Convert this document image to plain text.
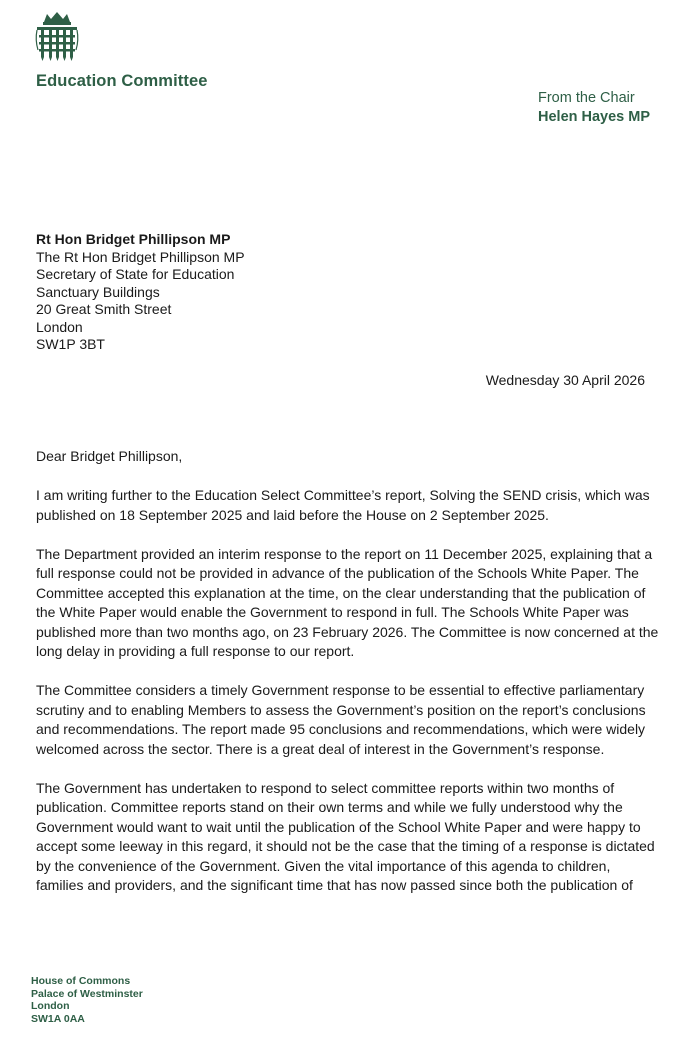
Education Committee
From the Chair
Helen Hayes MP
Rt Hon Bridget Phillipson MP
The Rt Hon Bridget Phillipson MP
Secretary of State for Education
Sanctuary Buildings
20 Great Smith Street
London
SW1P 3BT
Wednesday 30 April 2026
Dear Bridget Phillipson,

I am writing further to the Education Select Committee’s report, Solving the SEND crisis, which was published on 18 September 2025 and laid before the House on 2 September 2025.

The Department provided an interim response to the report on 11 December 2025, explaining that a full response could not be provided in advance of the publication of the Schools White Paper. The Committee accepted this explanation at the time, on the clear understanding that the publication of the White Paper would enable the Government to respond in full. The Schools White Paper was published more than two months ago, on 23 February 2026. The Committee is now concerned at the long delay in providing a full response to our report.

The Committee considers a timely Government response to be essential to effective parliamentary scrutiny and to enabling Members to assess the Government’s position on the report’s conclusions and recommendations. The report made 95 conclusions and recommendations, which were widely welcomed across the sector. There is a great deal of interest in the Government’s response.

The Government has undertaken to respond to select committee reports within two months of publication. Committee reports stand on their own terms and while we fully understood why the Government would want to wait until the publication of the School White Paper and were happy to accept some leeway in this regard, it should not be the case that the timing of a response is dictated by the convenience of the Government. Given the vital importance of this agenda to children, families and providers, and the significant time that has now passed since both the publication of

House of Commons
Palace of Westminster
London
SW1A 0AA
